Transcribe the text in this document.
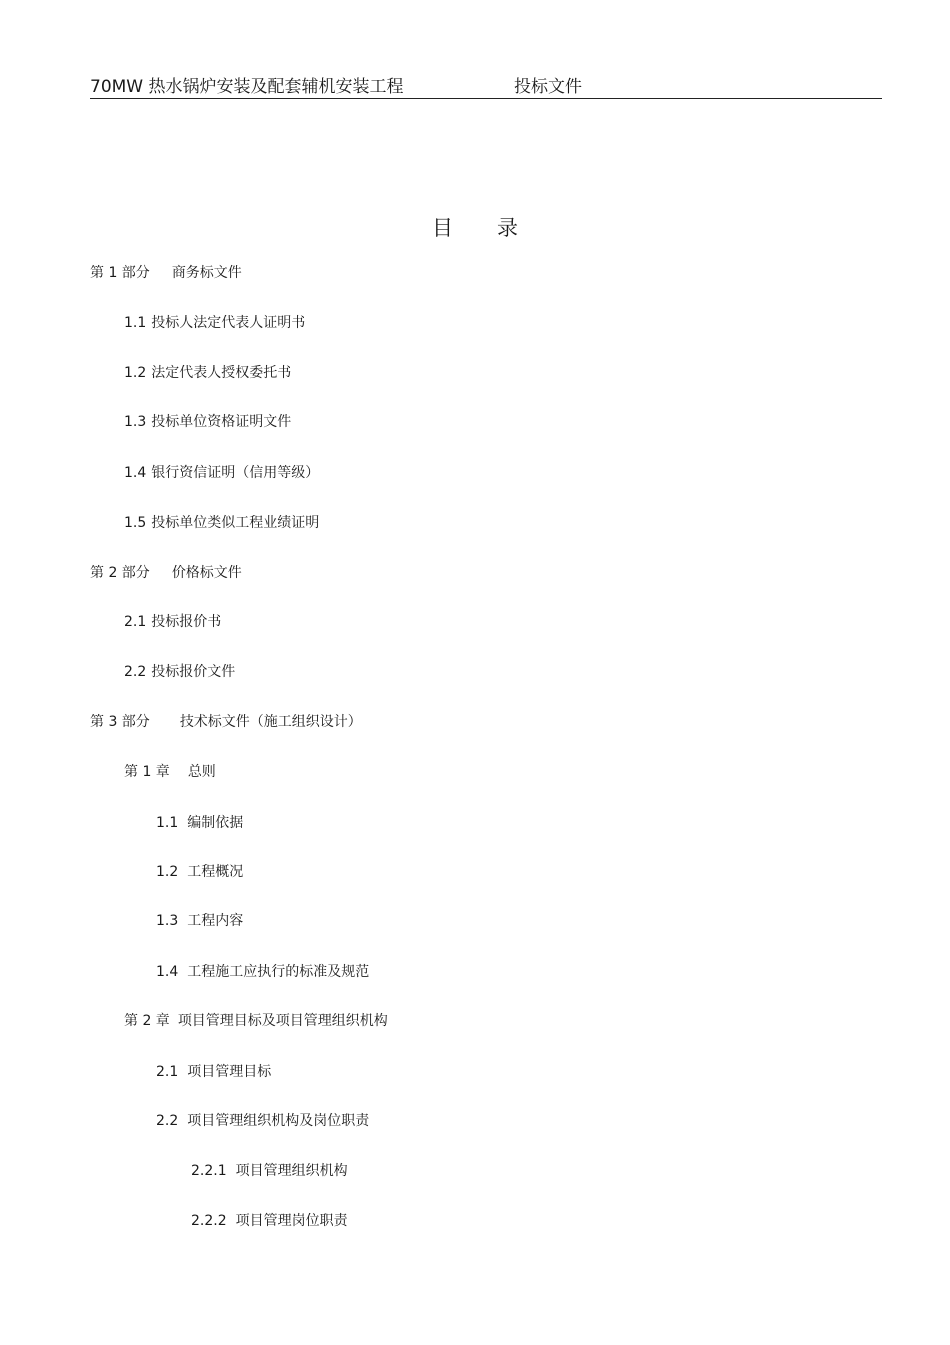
70MW 热水锅炉安装及配套辅机安装工程	投标文件
目 录
第 1 部分 商务标文件
1.1 投标人法定代表人证明书
1.2 法定代表人授权委托书
1.3 投标单位资格证明文件
1.4 银行资信证明（信用等级）
1.5 投标单位类似工程业绩证明
第 2 部分 价格标文件
2.1 投标报价书
2.2 投标报价文件
第 3 部分 技术标文件（施工组织设计）
第 1 章 总则
1.1 编制依据
1.2 工程概况
1.3 工程内容
1.4 工程施工应执行的标准及规范
第 2 章 项目管理目标及项目管理组织机构
2.1 项目管理目标
2.2 项目管理组织机构及岗位职责
2.2.1 项目管理组织机构
2.2.2 项目管理岗位职责
